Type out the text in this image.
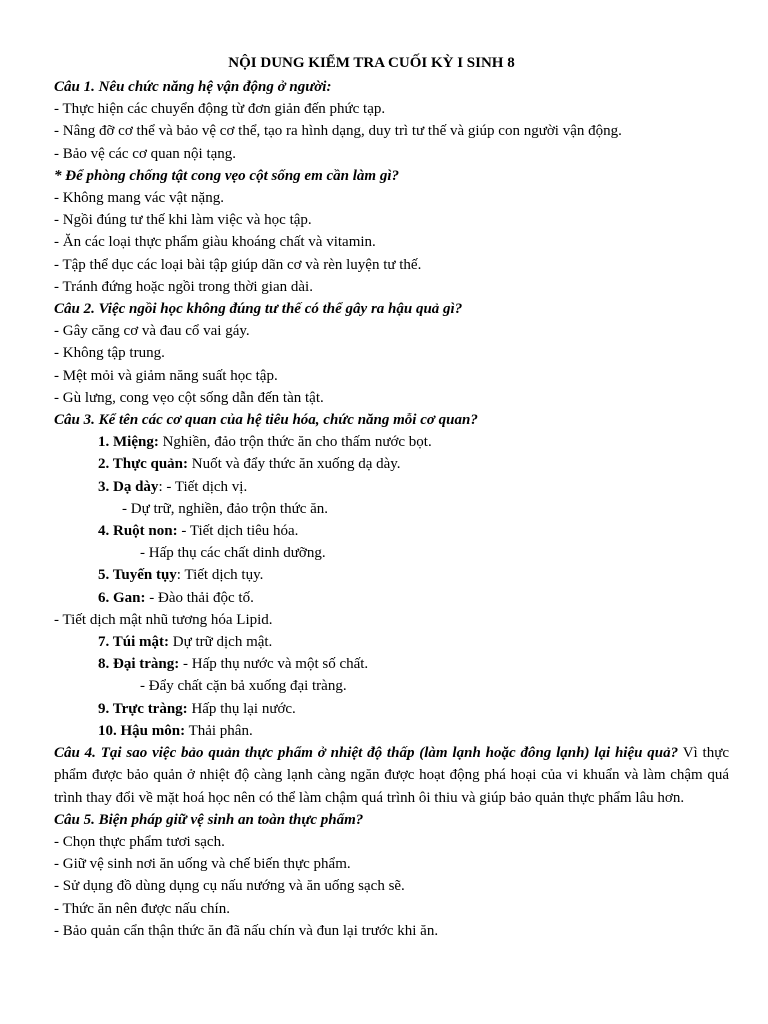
NỘI DUNG KIỂM TRA CUỐI KỲ I SINH 8
Câu 1. Nêu chức năng hệ vận động ở người:
- Thực hiện các chuyển động từ đơn giản đến phức tạp.
- Nâng đỡ cơ thể và bảo vệ cơ thể, tạo ra hình dạng, duy trì tư thế và giúp con người vận động.
- Bảo vệ các cơ quan nội tạng.
* Để phòng chống tật cong vẹo cột sống em cần làm gì?
- Không mang vác vật nặng.
- Ngồi đúng tư thế khi làm việc và học tập.
- Ăn các loại thực phẩm giàu khoáng chất và vitamin.
- Tập thể dục các loại bài tập giúp dãn cơ và rèn luyện tư thế.
- Tránh đứng hoặc ngồi trong thời gian dài.
Câu 2. Việc ngồi học không đúng tư thế có thể gây ra hậu quả gì?
- Gây căng cơ và đau cổ vai gáy.
- Không tập trung.
- Mệt mỏi và giảm năng suất học tập.
- Gù lưng, cong vẹo cột sống dẫn đến tàn tật.
Câu 3. Kể tên các cơ quan của hệ tiêu hóa, chức năng mỗi cơ quan?
1. Miệng: Nghiền, đảo trộn thức ăn cho thấm nước bọt.
2. Thực quản: Nuốt và đẩy thức ăn xuống dạ dày.
3. Dạ dày: - Tiết dịch vị.
- Dự trữ, nghiền, đảo trộn thức ăn.
4. Ruột non: - Tiết dịch tiêu hóa.
- Hấp thụ các chất dinh dưỡng.
5. Tuyến tụy: Tiết dịch tụy.
6. Gan: - Đào thải độc tố.
- Tiết dịch mật nhũ tương hóa Lipid.
7. Túi mật: Dự trữ dịch mật.
8. Đại tràng: - Hấp thụ nước và một số chất.
- Đẩy chất cặn bả xuống đại tràng.
9. Trực tràng: Hấp thụ lại nước.
10. Hậu môn: Thải phân.
Câu 4. Tại sao việc bảo quản thực phẩm ở nhiệt độ thấp (làm lạnh hoặc đông lạnh) lại hiệu quả? Vì thực phẩm được bảo quản ở nhiệt độ càng lạnh càng ngăn được hoạt động phá hoại của vi khuẩn và làm chậm quá trình thay đổi về mặt hoá học nên có thể làm chậm quá trình ôi thiu và giúp bảo quản thực phẩm lâu hơn.
Câu 5. Biện pháp giữ vệ sinh an toàn thực phẩm?
- Chọn thực phẩm tươi sạch.
- Giữ vệ sinh nơi ăn uống và chế biến thực phẩm.
- Sử dụng đồ dùng dụng cụ nấu nướng và ăn uống sạch sẽ.
- Thức ăn nên được nấu chín.
- Bảo quản cẩn thận thức ăn đã nấu chín và đun lại trước khi ăn.
